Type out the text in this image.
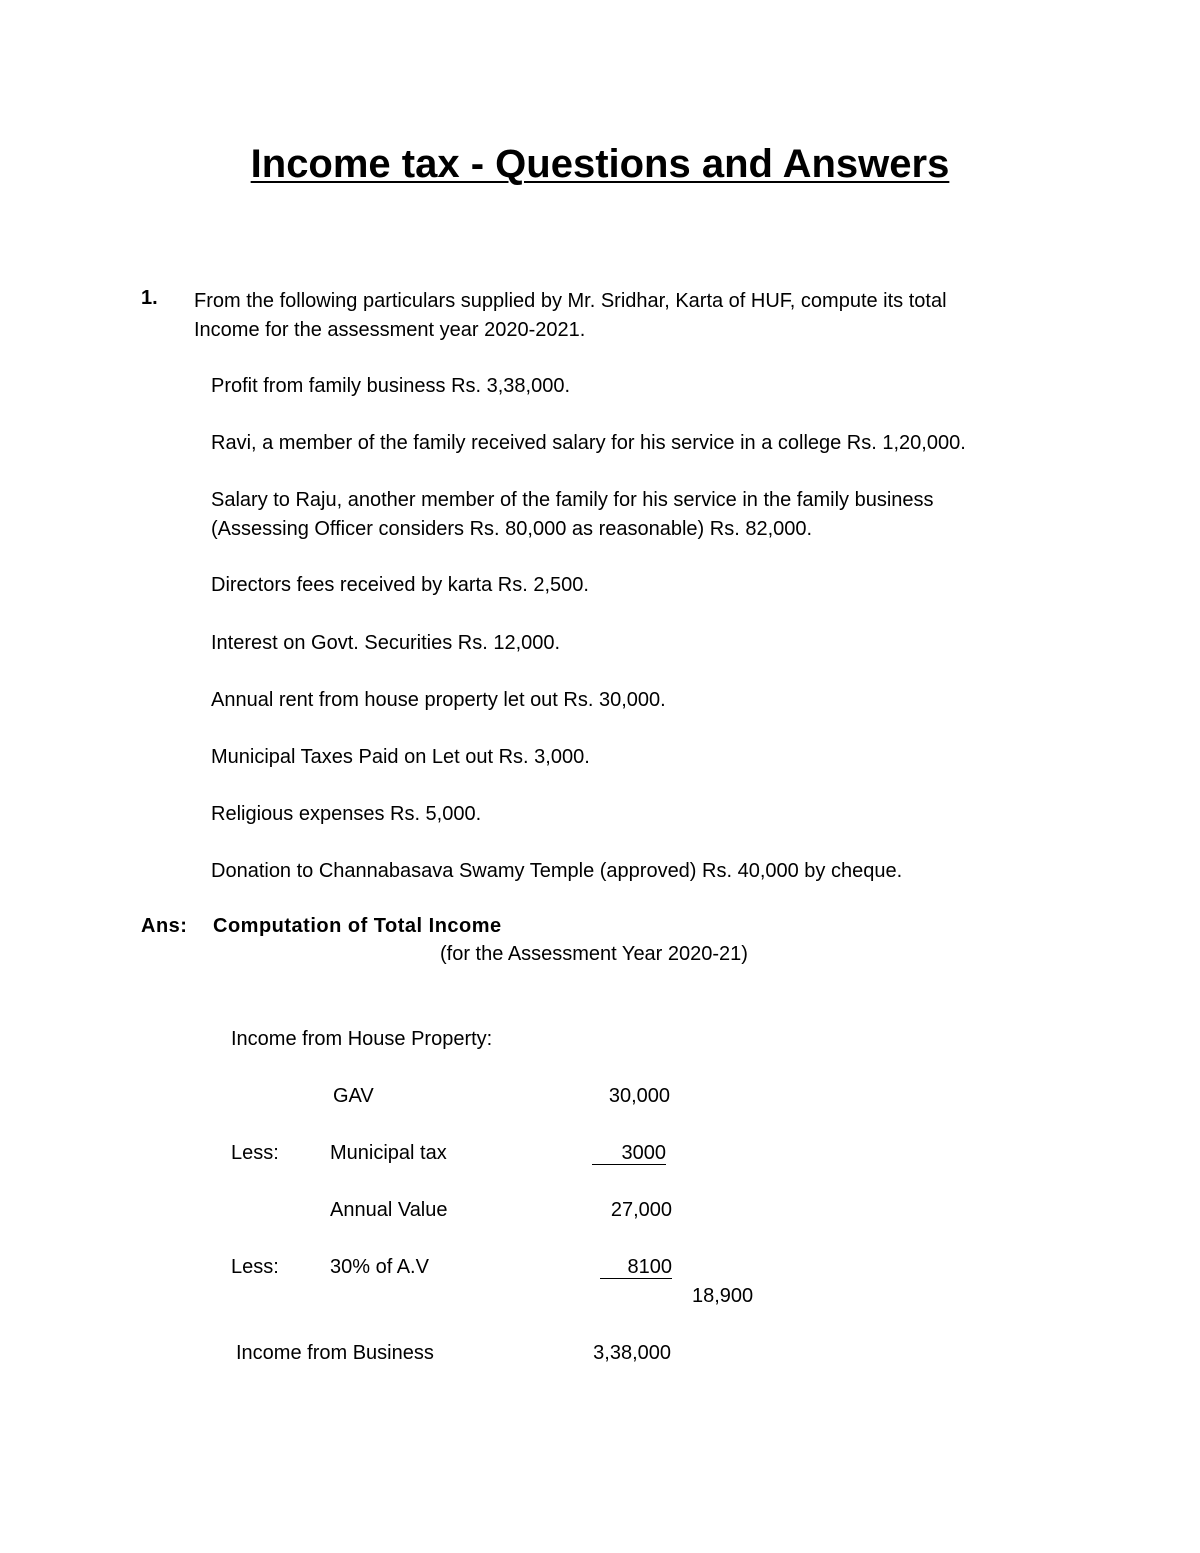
Income tax - Questions and Answers
1. From the following particulars supplied by Mr. Sridhar, Karta of HUF, compute its total
Income for the assessment year 2020-2021.
Profit from family business Rs. 3,38,000.
Ravi, a member of the family received salary for his service in a college Rs. 1,20,000.
Salary to Raju, another member of the family for his service in the family business
(Assessing Officer considers Rs. 80,000 as reasonable) Rs. 82,000.
Directors fees received by karta Rs. 2,500.
Interest on Govt. Securities Rs. 12,000.
Annual rent from house property let out Rs. 30,000.
Municipal Taxes Paid on Let out Rs. 3,000.
Religious expenses Rs. 5,000.
Donation to Channabasava Swamy Temple (approved) Rs. 40,000 by cheque.
Ans: Computation of Total Income
(for the Assessment Year 2020-21)
Income from House Property:
GAV	30,000
Less:	Municipal tax	3000
Annual Value	27,000
Less:	30% of A.V	8100
18,900
Income from Business	3,38,000
